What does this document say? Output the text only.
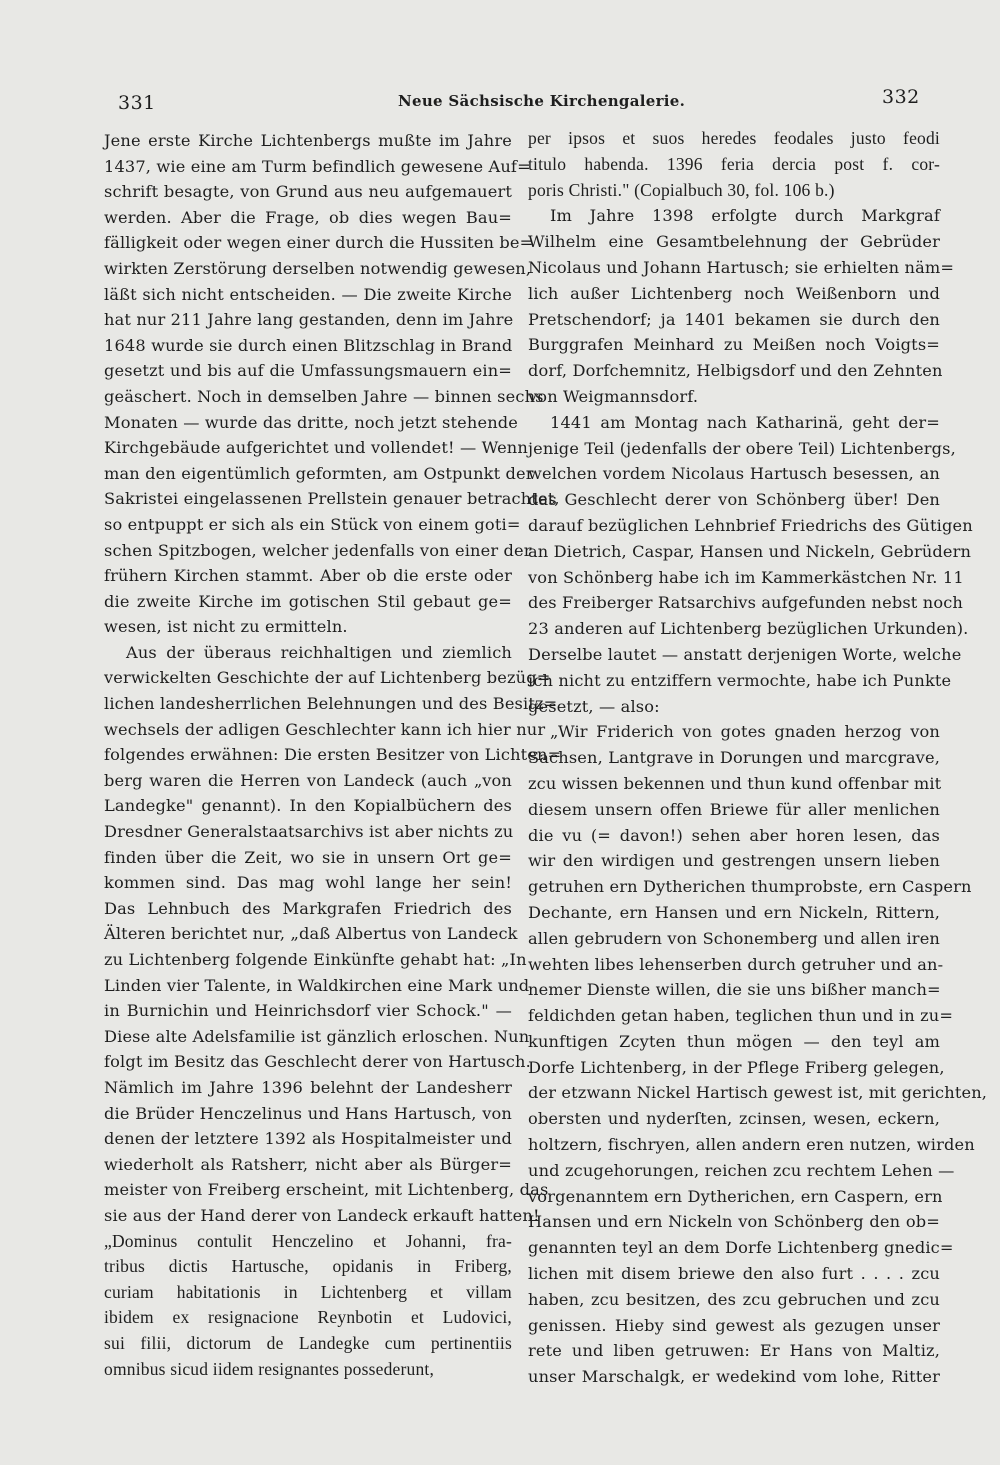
331	Neue Sächsische Kirchengalerie.	332
Jene erste Kirche Lichtenbergs mußte im Jahre
1437, wie eine am Turm befindlich gewesene Auf=
schrift besagte, von Grund aus neu aufgemauert
werden. Aber die Frage, ob dies wegen Bau=
fälligkeit oder wegen einer durch die Hussiten be=
wirkten Zerstörung derselben notwendig gewesen,
läßt sich nicht entscheiden. — Die zweite Kirche
hat nur 211 Jahre lang gestanden, denn im Jahre
1648 wurde sie durch einen Blitzschlag in Brand
gesetzt und bis auf die Umfassungsmauern ein=
geäschert. Noch in demselben Jahre — binnen sechs
Monaten — wurde das dritte, noch jetzt stehende
Kirchgebäude aufgerichtet und vollendet! — Wenn
man den eigentümlich geformten, am Ostpunkt der
Sakristei eingelassenen Prellstein genauer betrachtet,
so entpuppt er sich als ein Stück von einem goti=
schen Spitzbogen, welcher jedenfalls von einer der
frühern Kirchen stammt. Aber ob die erste oder
die zweite Kirche im gotischen Stil gebaut ge=
wesen, ist nicht zu ermitteln.
Aus der überaus reichhaltigen und ziemlich
verwickelten Geschichte der auf Lichtenberg bezüg=
lichen landesherrlichen Belehnungen und des Besitz=
wechsels der adligen Geschlechter kann ich hier nur
folgendes erwähnen: Die ersten Besitzer von Lichten=
berg waren die Herren von Landeck (auch „von
Landegke" genannt). In den Kopialbüchern des
Dresdner Generalstaatsarchivs ist aber nichts zu
finden über die Zeit, wo sie in unsern Ort ge=
kommen sind. Das mag wohl lange her sein!
Das Lehnbuch des Markgrafen Friedrich des
Älteren berichtet nur, „daß Albertus von Landeck
zu Lichtenberg folgende Einkünfte gehabt hat: „In
Linden vier Talente, in Waldkirchen eine Mark und
in Burnichin und Heinrichsdorf vier Schock." —
Diese alte Adelsfamilie ist gänzlich erloschen. Nun
folgt im Besitz das Geschlecht derer von Hartusch.
Nämlich im Jahre 1396 belehnt der Landesherr
die Brüder Henczelinus und Hans Hartusch, von
denen der letztere 1392 als Hospitalmeister und
wiederholt als Ratsherr, nicht aber als Bürger=
meister von Freiberg erscheint, mit Lichtenberg, das
sie aus der Hand derer von Landeck erkauft hatten!
„Dominus contulit Henczelino et Johanni, fra-
tribus dictis Hartusche, opidanis in Friberg,
curiam habitationis in Lichtenberg et villam
ibidem ex resignacione Reynbotin et Ludovici,
sui filii, dictorum de Landegke cum pertinentiis
omnibus sicud iidem resignantes possederunt,
per ipsos et suos heredes feodales justo feodi
titulo habenda. 1396 feria dercia post f. cor-
poris Christi." (Copialbuch 30, fol. 106 b.)
Im Jahre 1398 erfolgte durch Markgraf
Wilhelm eine Gesamtbelehnung der Gebrüder
Nicolaus und Johann Hartusch; sie erhielten näm=
lich außer Lichtenberg noch Weißenborn und
Pretschendorf; ja 1401 bekamen sie durch den
Burggrafen Meinhard zu Meißen noch Voigts=
dorf, Dorfchemnitz, Helbigsdorf und den Zehnten
von Weigmannsdorf.
1441 am Montag nach Katharinä, geht der=
jenige Teil (jedenfalls der obere Teil) Lichtenbergs,
welchen vordem Nicolaus Hartusch besessen, an
das Geschlecht derer von Schönberg über! Den
darauf bezüglichen Lehnbrief Friedrichs des Gütigen
an Dietrich, Caspar, Hansen und Nickeln, Gebrüdern
von Schönberg habe ich im Kammerkästchen Nr. 11
des Freiberger Ratsarchivs aufgefunden nebst noch
23 anderen auf Lichtenberg bezüglichen Urkunden).
Derselbe lautet — anstatt derjenigen Worte, welche
ich nicht zu entziffern vermochte, habe ich Punkte
gesetzt, — also:
„Wir Friderich von gotes gnaden herzog von
Sachsen, Lantgrave in Dorungen und marcgrave,
zcu wissen bekennen und thun kund offenbar mit
diesem unsern offen Briewe für aller menlichen
die vu (= davon!) sehen aber horen lesen, das
wir den wirdigen und gestrengen unsern lieben
getruhen ern Dytherichen thumprobste, ern Caspern
Dechante, ern Hansen und ern Nickeln, Rittern,
allen gebrudern von Schonemberg und allen iren
wehten libes lehenserben durch getruher und an-
nemer Dienste willen, die sie uns bißher manch=
feldichden getan haben, teglichen thun und in zu=
kunftigen Zcyten thun mögen — den teyl am
Dorfe Lichtenberg, in der Pflege Friberg gelegen,
der etzwann Nickel Hartisch gewest ist, mit gerichten,
obersten und nyderſten, zcinsen, wesen, eckern,
holtzern, fischryen, allen andern eren nutzen, wirden
und zcugehorungen, reichen zcu rechtem Lehen —
vorgenanntem ern Dytherichen, ern Caspern, ern
Hansen und ern Nickeln von Schönberg den ob=
genannten teyl an dem Dorfe Lichtenberg gnedic=
lichen mit disem briewe den also furt . . . . zcu
haben, zcu besitzen, des zcu gebruchen und zcu
genissen. Hieby sind gewest als gezugen unser
rete und liben getruwen: Er Hans von Maltiz,
unser Marschalgk, er wedekind vom lohe, Ritter
